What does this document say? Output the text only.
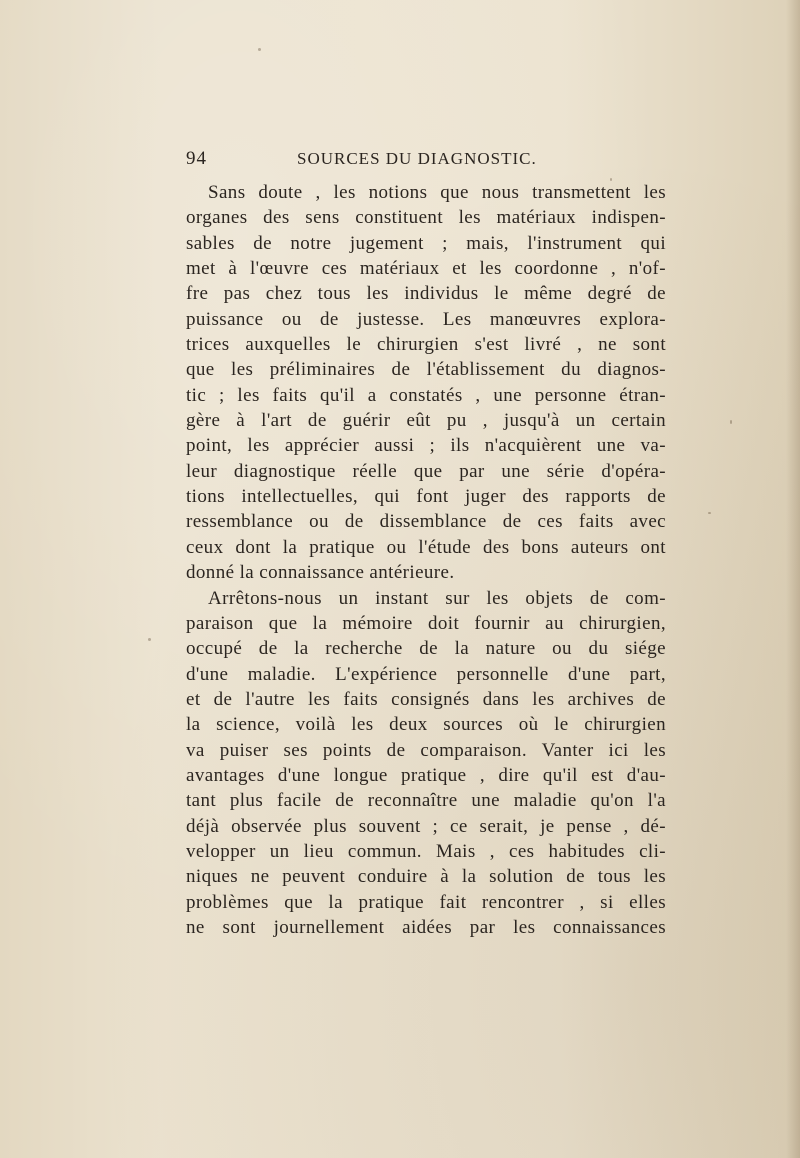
94	SOURCES DU DIAGNOSTIC.
Sans doute , les notions que nous transmettent les
organes des sens constituent les matériaux indispen-
sables de notre jugement ; mais, l'instrument qui
met à l'œuvre ces matériaux et les coordonne , n'of-
fre pas chez tous les individus le même degré de
puissance ou de justesse. Les manœuvres explora-
trices auxquelles le chirurgien s'est livré , ne sont
que les préliminaires de l'établissement du diagnos-
tic ; les faits qu'il a constatés , une personne étran-
gère à l'art de guérir eût pu , jusqu'à un certain
point, les apprécier aussi ; ils n'acquièrent une va-
leur diagnostique réelle que par une série d'opéra-
tions intellectuelles, qui font juger des rapports de
ressemblance ou de dissemblance de ces faits avec
ceux dont la pratique ou l'étude des bons auteurs ont
donné la connaissance antérieure.
Arrêtons-nous un instant sur les objets de com-
paraison que la mémoire doit fournir au chirurgien,
occupé de la recherche de la nature ou du siége
d'une maladie. L'expérience personnelle d'une part,
et de l'autre les faits consignés dans les archives de
la science, voilà les deux sources où le chirurgien
va puiser ses points de comparaison. Vanter ici les
avantages d'une longue pratique , dire qu'il est d'au-
tant plus facile de reconnaître une maladie qu'on l'a
déjà observée plus souvent ; ce serait, je pense , dé-
velopper un lieu commun. Mais , ces habitudes cli-
niques ne peuvent conduire à la solution de tous les
problèmes que la pratique fait rencontrer , si elles
ne sont journellement aidées par les connaissances
